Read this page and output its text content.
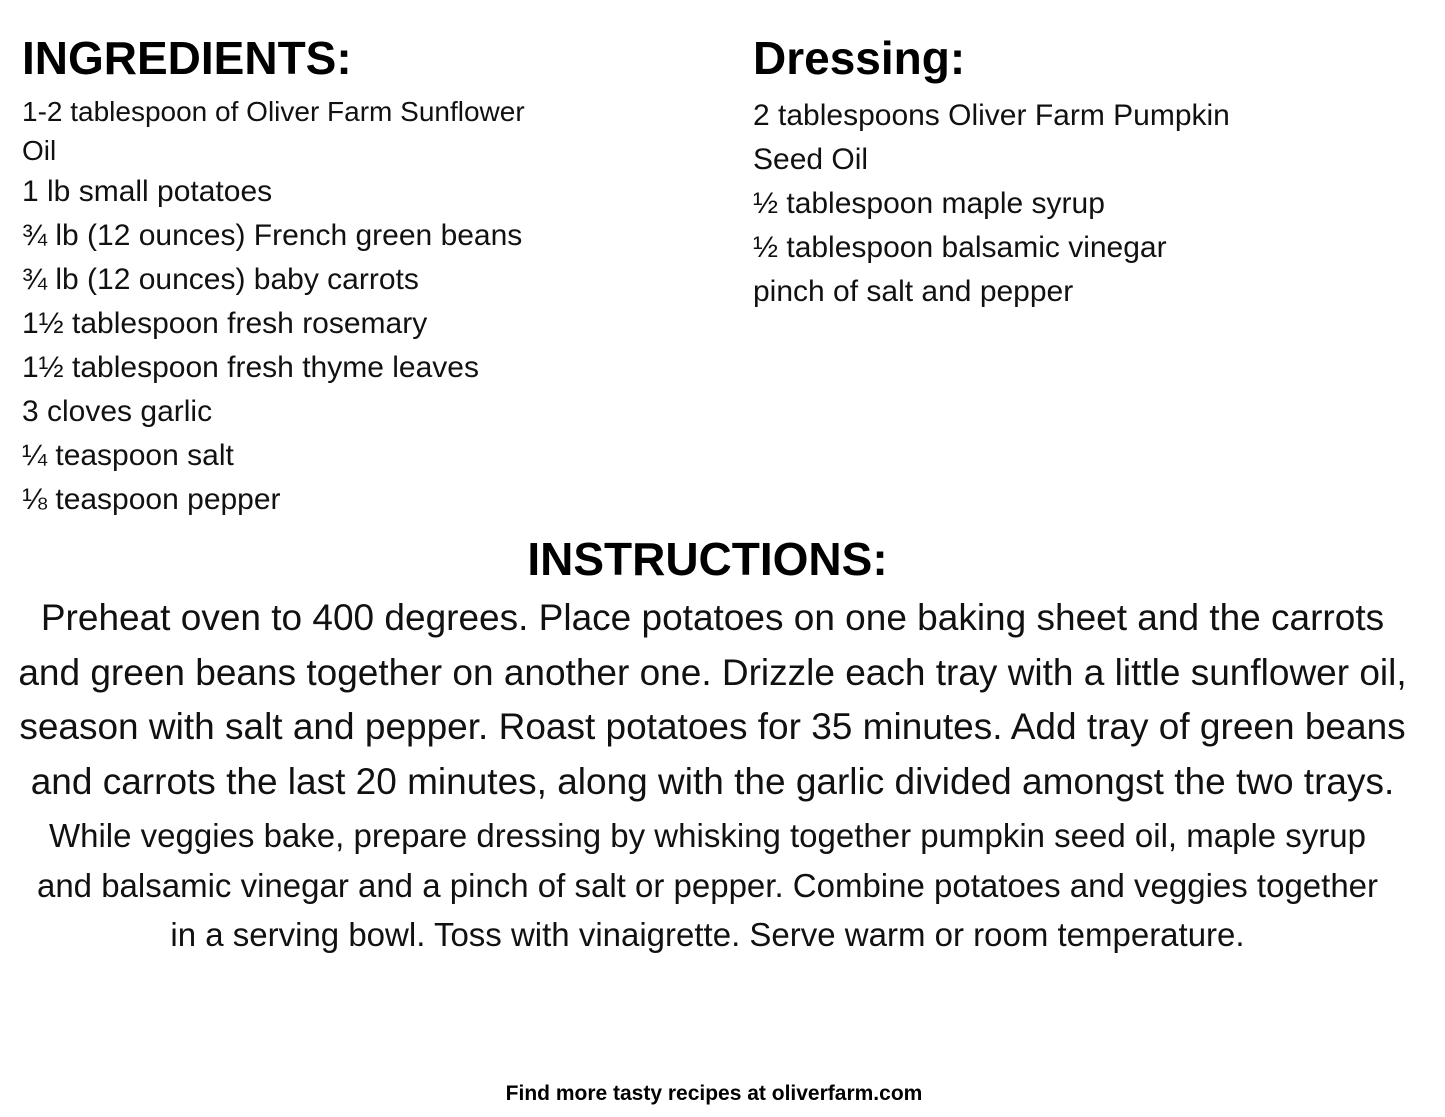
INGREDIENTS:
1-2 tablespoon of Oliver Farm Sunflower Oil
1 lb small potatoes
¾ lb (12 ounces) French green beans
¾ lb (12 ounces) baby carrots
1½ tablespoon fresh rosemary
1½ tablespoon fresh thyme leaves
3 cloves garlic
¼ teaspoon salt
⅛ teaspoon pepper
Dressing:
2 tablespoons Oliver Farm Pumpkin Seed Oil
½ tablespoon maple syrup
½ tablespoon balsamic vinegar
pinch of salt and pepper
INSTRUCTIONS:

Preheat oven to 400 degrees. Place potatoes on one baking sheet and the carrots and green beans together on another one. Drizzle each tray with a little sunflower oil, season with salt and pepper. Roast potatoes for 35 minutes. Add tray of green beans and carrots the last 20 minutes, along with the garlic divided amongst the two trays.

While veggies bake, prepare dressing by whisking together pumpkin seed oil, maple syrup and balsamic vinegar and a pinch of salt or pepper. Combine potatoes and veggies together in a serving bowl. Toss with vinaigrette. Serve warm or room temperature.

Find more tasty recipes at oliverfarm.com
